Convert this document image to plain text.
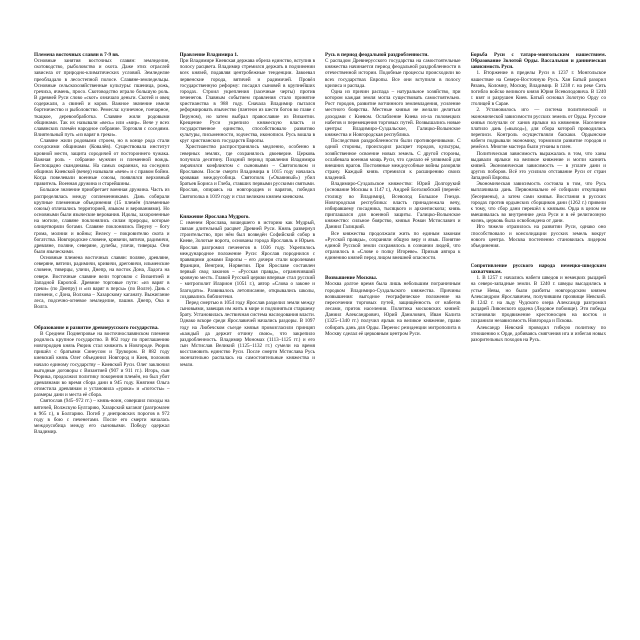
Племена восточных славян в 7-9 вв.

Основные занятия восточных славян: земледелие, скотоводство, рыболовство и охота. Даже этих отраслей зависела от природно-климатических условий. Земледелие преобладало в лесостепной полосе. Славяне-земледельцы. Основные сельскохозяйственные культуры: пшеница, рожь, гречиха, ячмень, просо. Скотоводство играло большую роль. В древней Руси слово «скот» означало деньги. Скотей и овец содержали, а свиней и коров. Важное значение имели бортничество и рыболовство. Ремесла: кузнечное, гончарное, ткацкое, деревообработка. Славяне жили родовыми общинами. Так их называли «весь» или «мир». Вече у всех славянских племён народное собрание. Торговля с соседями. Влиятельный путь «из варяг в греки».

Славяне жили родовыми строем, но в конце рода стали соседскими общинами (Ковалёв). Существовала институт кровной мести, защита сородичей от постороннего чужака. Важная роль - собрание мужчин и племенной вождь. Беспощадно скандинавы. На самых окраинах, на соседних общинах Киевской (вечер) называли «вече» и с правом бойни. Когда повелевали военные союзы, появлялся верховный правитель. Военная дружина и старейшины.

Большое значение приобретает военная дружина. Часть из распределялась между соплеменниками. Дань собирали крупные племенные объединения (15 племён (племенные союзы) отличались территорией, языком и верованиями). Но основными были языческие верования. Идолы, захороненные на могиле, славяне поклонялись силам природы, которые олицетворяли богами. Славяне поклонялись Перуну – богу грома, молнии и войны; Велесу – покровителю скота и богатства. Новгородские словене, кривичи, вятичи, радимичи, древляне, поляне, северяне, дулебы, уличи, тиверцы. Они были языческими.

Основные племена восточных славян: поляне, древляне, северяне, вятичи, радимичи, кривичи, дреговичи, ильменские словене, тиверцы, уличи, Днепр, на восток Дона, Ладога на севере. Восточные славяне вели торговлю с Византией и Западной Европой. Древние торговые пути: «из варяг в греки» (по Днепру) и «из варяг в персы» (по Волге). Дань с племени, с Дона, Волхова – Хазарскому каганату. Выжигание леса, подсечно-огневое земледелие, пашня. Днепр, Ока и Волга.

Образование и развитие древнерусского государства.

В Среднем Поднепровье на восточнославянском племени родилось крупное государство. В 862 году по приглашению новгородцев князь Рюрик стал княжить в Новгороде. Рюрик пришёл с братьями Синеусом и Трувором. В 882 году киевский князь Олег объединил Новгород и Киев, положив начало единому государству – Киевской Руси. Олег заключил выгодные договоры с Византией (907 и 911 гг.). Игорь, сын Рюрика, продолжил политику покорения племён, но был убит древлянами во время сбора дани в 945 году. Княгиня Ольга отомстила древлянам и установила «уроки» и «погосты» – размеры дани и места её сбора.

Святослав (945–972 гг.) – князь-воин, совершил походы на вятичей, Волжскую Булгарию, Хазарский каганат (разгромлен в 965 г.), в Болгарию. Погиб у днепровских порогов в 972 году в бою с печенегами. После его смерти началась междоусобица между его сыновьями. Победу одержал Владимир.

Правление Владимира 1.

При Владимире Киевская держава обрела единство, вступив в полосу расцвета. Владимир стремился держать в подчинении всех князей, подавляя центробежные тенденции. Завоевал червенские города, вятичей и радимичей. Провёл государственную реформу: посадил сыновей в крупнейших городах. Строил укрепления (засечные черты) против печенегов. Главным событием правления стало принятие христианства в 988 году. Сначала Владимир пытался реформировать язычество (пантеон из шести богов во главе с Перуном), но затем выбрал православие из Византии. Крещение Руси укрепило княжескую власть и государственное единство, способствовало развитию культуры, письменности, зодчества, иконописи. Русь вошла в круг христианских государств Европы.

Христианство распространялось медленно, особенно в северных землях, где сохранялось двоеверие. Церковь получила десятину. Поздний период правления Владимира омрачился конфликтом с сыновьями – Святополком и Ярославом. После смерти Владимира в 1015 году началась кровавая междоусобица. Святополк («Окаянный») убил братьев Бориса и Глеба, ставших первыми русскими святыми. Ярослав, опираясь на новгородцев и варягов, победил Святополка в 1019 году и стал великим князем киевским.

Княжение Ярослава Мудрого.

С именем Ярослава, вошедшего в историю как Мудрый, связан длительный расцвет Древней Руси. Князь развернул строительство, при нём был возведён Софийский собор в Киеве, Золотые ворота, основаны города Ярославль и Юрьев. Ярослав разгромил печенегов в 1036 году. Укрепилось международное положение Руси: Ярослав породнился с правящими домами Европы – его дочери стали королевами Франции, Венгрии, Норвегии. При Ярославе составлен первый свод законов – «Русская правда», ограничивший кровную месть. Главой Русской церкви впервые стал русский – митрополит Иларион (1051 г.), автор «Слова о законе и благодати». Развивалось летописание, открывались школы, создавались библиотеки.

Перед смертью в 1054 году Ярослав разделил земли между сыновьями, завещав им жить в мире и подчиняться старшему брату. Установилась лествичная система наследования власти. Однако вскоре среди Ярославичей начались раздоры. В 1097 году на Любечском съезде князья провозгласили принцип «каждый да держит отчину свою», что закрепило раздробленность. Владимир Мономах (1113–1125 гг.) и его сын Мстислав Великий (1125–1132 гг.) сумели на время восстановить единство Руси. После смерти Мстислава Русь окончательно распалась на самостоятельные княжества и земли.

Русь в период феодальной раздробленности.

С распадом Древнерусского государства на самостоятельные княжества начинается период феодальной раздробленности в отечественной истории. Подобные процессы происходили во всех государствах Европы. Все они вступили в полосу кризиса и распада.

Одна из причин распада – натуральное хозяйство, при котором каждая земля могла существовать самостоятельно. Рост городов, развитие вотчинного землевладения, усиление местного боярства. Местные князья не желали делиться доходами с Киевом. Ослабление Киева из-за половецких набегов и перемещения торговых путей. Возвышались новые центры: Владимиро-Суздальское, Галицко-Волынское княжества и Новгородская республика.

Последствия раздробленности были противоречивыми. С одной стороны, происходил расцвет городов, культуры, хозяйственное освоение новых земель. С другой стороны, ослабевала военная мощь Руси, что сделало её уязвимой для внешних врагов. Постоянные междоусобные войны разоряли страну. Каждый князь стремился к расширению своих владений.

Владимиро-Суздальское княжество: Юрий Долгорукий (основание Москвы в 1147 г.), Андрей Боголюбский (перенёс столицу во Владимир), Всеволод Большое Гнездо. Новгородская республика: власть принадлежала вечу, избиравшему посадника, тысяцкого и архиепископа; князь приглашался для военной защиты. Галицко-Волынское княжество: сильное боярство, князья Роман Мстиславич и Даниил Галицкий.

Все княжества продолжали жить по единым законам «Русской правды», сохраняли общую веру и язык. Понятие единой Русской земли сохранялось в сознании людей, что отразилось в «Слове о полку Игореве». Призыв автора к единению князей перед лицом внешней опасности.

Возвышение Москвы.

Москва долгое время была лишь небольшим пограничным городком Владимиро-Суздальского княжества. Причины возвышения: выгодное географическое положение на пересечении торговых путей, защищённость от набегов лесами, приток населения. Политика московских князей: Даниил Александрович, Юрий Данилович, Иван Калита (1325–1340 гг.) получил ярлык на великое княжение, право собирать дань для Орды. Перенос резиденции митрополита в Москву сделал её церковным центром Руси.

Борьба Руси с татаро-монгольским нашествием. Образование Золотой Орды. Вассальная и данническая зависимость Руси.

1. Вторжение в пределы Руси в 1237 г. Монгольское нашествие на Северо-Восточную Русь. Хан Батый разорил Рязань, Коломну, Москву, Владимир. В 1238 г. на реке Сить погибло войско великого князя Юрия Всеволодовича. В 1240 г. взят и разрушен Киев. Батый основал Золотую Орду со столицей в Сарае.

2. Установилось иго — система политической и экономической зависимости русских земель от Орды. Русские князья получали от ханов ярлыки на княжение. Население платило дань («выход»), для сбора которой проводились переписи. Контроль осуществляли баскаки. Ордынские набеги подрывали экономику, тормозили развитие городов и ремёсел. Многие мастера были угнаны в плен.

Политическая зависимость выражалась в том, что ханы выдавали ярлыки на великое княжение и могли казнить князей. Экономическая зависимость — в уплате дани и других поборов. Всё это усилило отставание Руси от стран Западной Европы.

Экономическая зависимость состояла в том, что Русь выплачивала дань. Первоначально её собирали откупщики (бесермены), а затем сами князья. Восстания в русских городах против ордынских сборщиков дани (1262 г.) привели к тому, что сбор дани перешёл к князьям. Орда в целом не вмешивалась во внутренние дела Руси и в её религиозную жизнь, церковь была освобождена от дани.

Иго тяжело отразилось на развитии Руси, однако оно способствовало и консолидации русских земель вокруг нового центра. Москва постепенно становилась лидером объединения.

Сопротивление русского народа немецко-шведским захватчикам.

1. В 1257 г. начались набеги шведов и немецких рыцарей на северо-западные земли. В 1240 г. шведы высадились в устье Невы, но были разбиты новгородским князем Александром Ярославичем, получившим прозвище Невский. В 1242 г. на льду Чудского озера Александр разгромил рыцарей Ливонского ордена (Ледовое побоище). Эти победы остановили продвижение крестоносцев на восток и сохранили независимость Новгорода и Пскова.

Александр Невский проводил гибкую политику по отношению к Орде, добиваясь смягчения ига и избегая новых разорительных походов на Русь.
